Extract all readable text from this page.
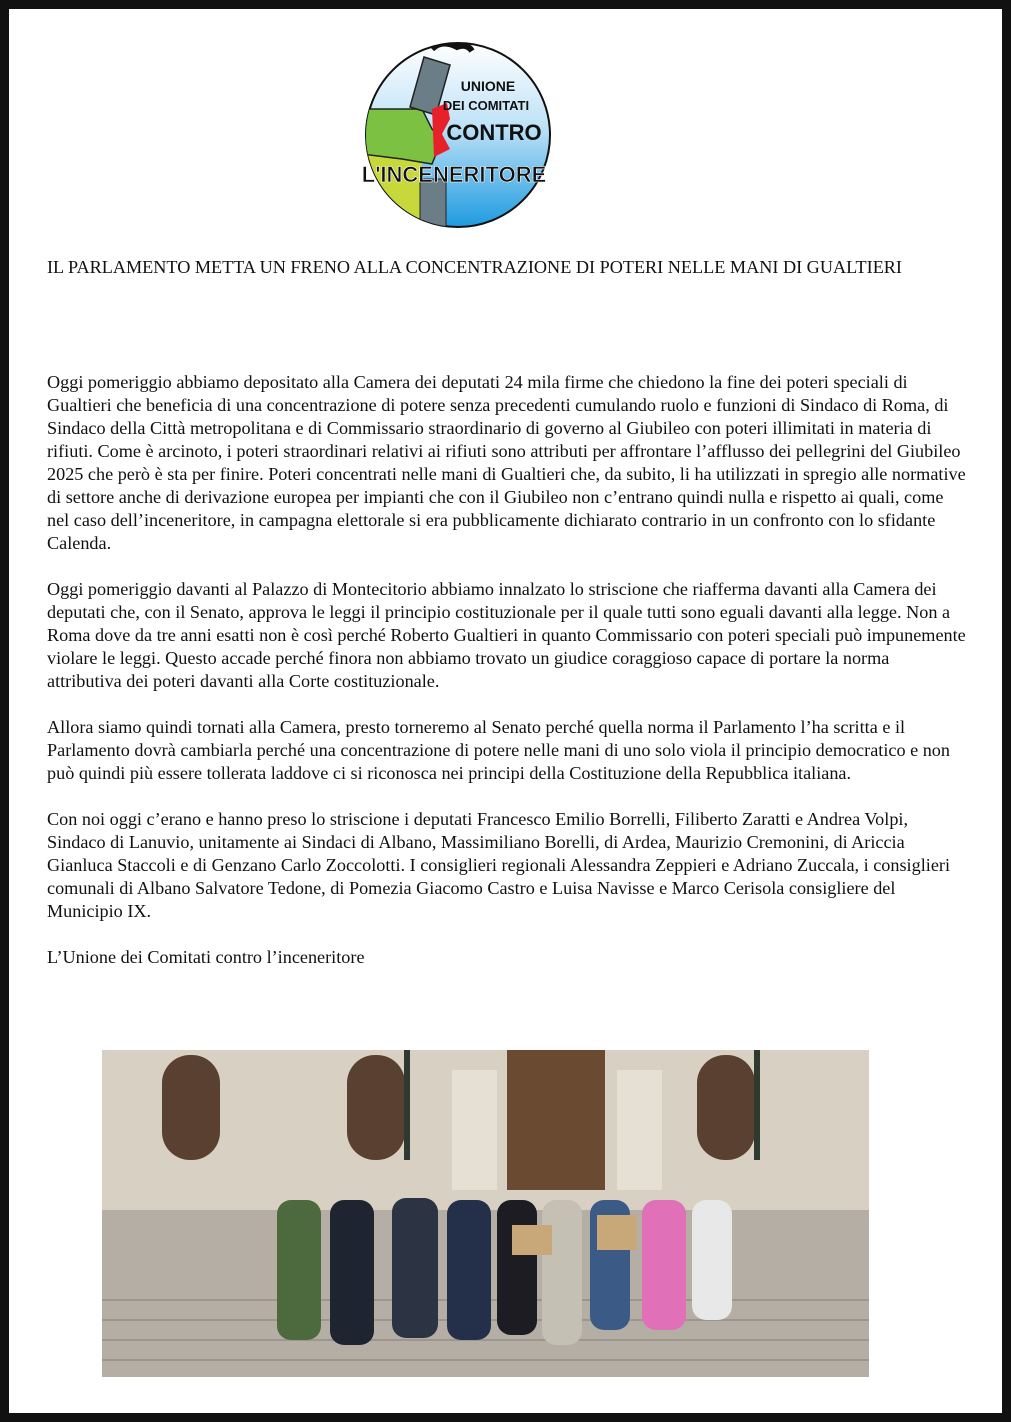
UNIONE
DEI COMITATI
CONTRO
L'INCENERITORE
IL PARLAMENTO METTA UN FRENO ALLA CONCENTRAZIONE DI POTERI NELLE MANI DI GUALTIERI

Oggi pomeriggio abbiamo depositato alla Camera dei deputati 24 mila firme che chiedono la fine dei poteri speciali di Gualtieri che beneficia di una concentrazione di potere senza precedenti cumulando ruolo e funzioni di Sindaco di Roma, di Sindaco della Città metropolitana e di Commissario straordinario di governo al Giubileo con poteri illimitati in materia di rifiuti. Come è arcinoto, i poteri straordinari relativi ai rifiuti sono attributi per affrontare l’afflusso dei pellegrini del Giubileo 2025 che però è sta per finire. Poteri concentrati nelle mani di Gualtieri che, da subito, li ha utilizzati in spregio alle normative di settore anche di derivazione europea per impianti che con il Giubileo non c’entrano quindi nulla e rispetto ai quali, come nel caso dell’inceneritore, in campagna elettorale si era pubblicamente dichiarato contrario in un confronto con lo sfidante Calenda.

Oggi pomeriggio davanti al Palazzo di Montecitorio abbiamo innalzato lo striscione che riafferma davanti alla Camera dei deputati che, con il Senato, approva le leggi il principio costituzionale per il quale tutti sono eguali davanti alla legge. Non a Roma dove da tre anni esatti non è così perché Roberto Gualtieri in quanto Commissario con poteri speciali può impunemente violare le leggi. Questo accade perché finora non abbiamo trovato un giudice coraggioso capace di portare la norma attributiva dei poteri davanti alla Corte costituzionale.

Allora siamo quindi tornati alla Camera, presto torneremo al Senato perché quella norma il Parlamento l’ha scritta e il Parlamento dovrà cambiarla perché una concentrazione di potere nelle mani di uno solo viola il principio democratico e non può quindi più essere tollerata laddove ci si riconosca nei principi della Costituzione della Repubblica italiana.

Con noi oggi c’erano e hanno preso lo striscione i deputati Francesco Emilio Borrelli, Filiberto Zaratti e Andrea Volpi, Sindaco di Lanuvio, unitamente ai Sindaci di Albano, Massimiliano Borelli, di Ardea, Maurizio Cremonini, di Ariccia Gianluca Staccoli e di Genzano Carlo Zoccolotti. I consiglieri regionali Alessandra Zeppieri e Adriano Zuccala, i consiglieri comunali di Albano Salvatore Tedone, di Pomezia Giacomo Castro e Luisa Navisse e Marco Cerisola consigliere del Municipio IX.

L’Unione dei Comitati contro l’inceneritore
